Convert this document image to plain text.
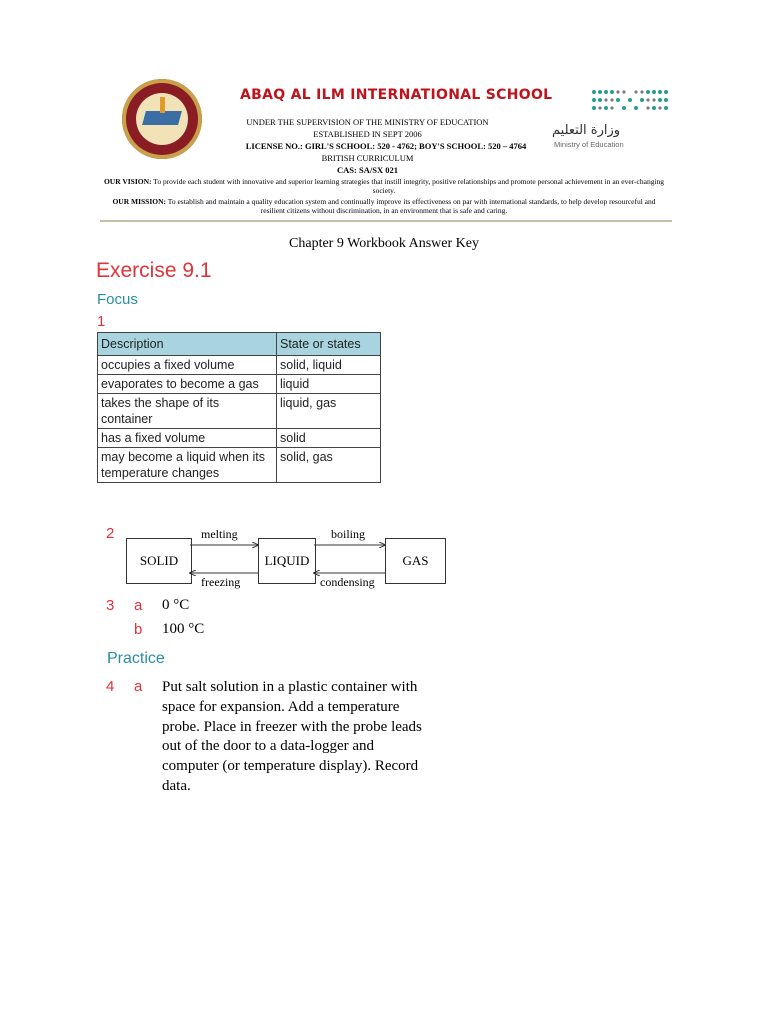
ABAQ AL ILM INTERNATIONAL SCHOOL
UNDER THE SUPERVISION OF THE MINISTRY OF EDUCATION
ESTABLISHED IN SEPT 2006
LICENSE NO.: GIRL'S SCHOOL: 520 - 4762; BOY'S SCHOOL: 520 – 4764
BRITISH CURRICULUM
CAS: SA/SX 021
OUR VISION: To provide each student with innovative and superior learning strategies that instill integrity, positive relationships and promote personal achievement in an ever-changing society.
OUR MISSION: To establish and maintain a quality education system and continually improve its effectiveness on par with international standards, to help develop resourceful and resilient citizens without discrimination, in an environment that is safe and caring.
وزارة التعليم
Ministry of Education
Chapter 9 Workbook Answer Key
Exercise 9.1
Focus
1
Description	State or states
occupies a fixed volume	solid, liquid
evaporates to become a gas	liquid
takes the shape of its container	liquid, gas
has a fixed volume	solid
may become a liquid when its temperature changes	solid, gas
2
SOLID	LIQUID	GAS
melting
freezing
boiling
condensing
3 a 0 °C
b 100 °C
Practice
4 a Put salt solution in a plastic container with space for expansion. Add a temperature probe. Place in freezer with the probe leads out of the door to a data-logger and computer (or temperature display). Record data.
